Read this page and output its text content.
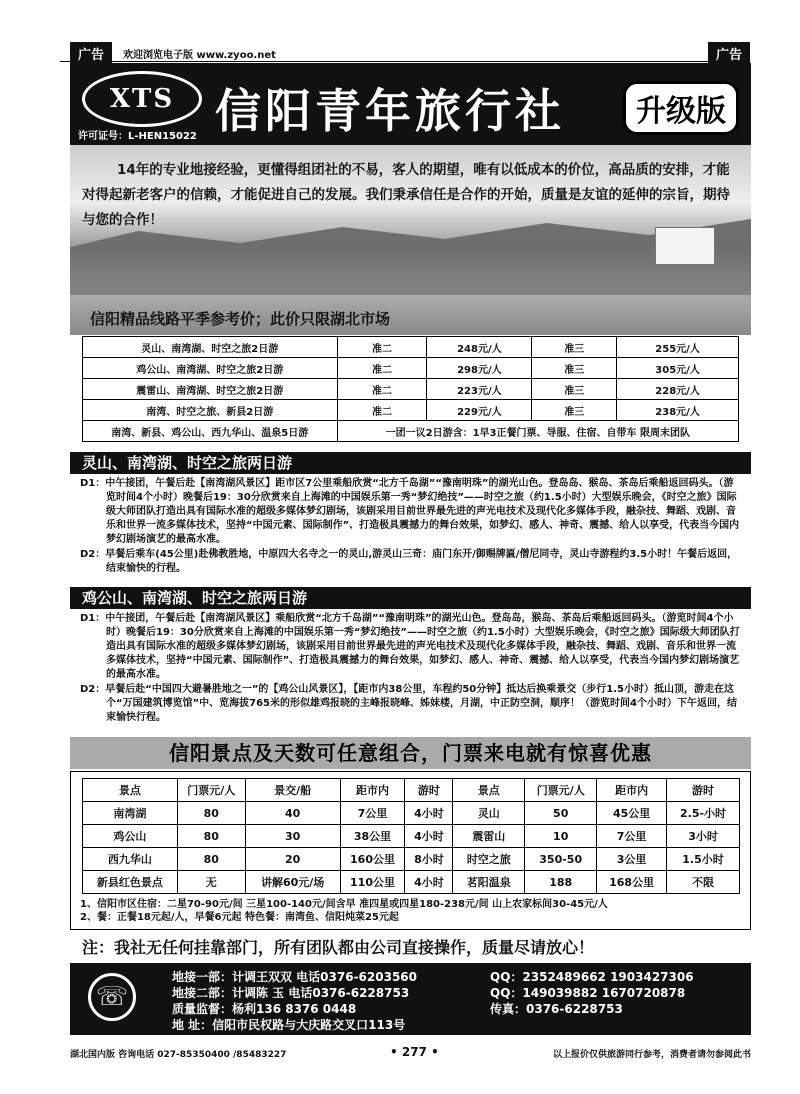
广告	广告
欢迎浏览电子版 www.zyoo.net
XTS 信阳青年旅行社	升级版
许可证号：L-HEN15022
14年的专业地接经验，更懂得组团社的不易，客人的期望，唯有以低成本的价位，高品质的安排，才能对得起新老客户的信赖，才能促进自己的发展。我们秉承信任是合作的开始，质量是友谊的延伸的宗旨，期待与您的合作！
信阳精品线路平季参考价；此价只限湖北市场
灵山、南湾湖、时空之旅2日游	准二	248元/人	准三	255元/人
鸡公山、南湾湖、时空之旅2日游	准二	298元/人	准三	305元/人
震雷山、南湾湖、时空之旅2日游	准二	223元/人	准三	228元/人
南湾、时空之旅、新县2日游	准二	229元/人	准三	238元/人
南湾、新县、鸡公山、西九华山、温泉5日游	一团一议2日游含：1早3正餐门票、导服、住宿、自带车 限周末团队			
灵山、南湾湖、时空之旅两日游

D1：中午接团，午餐后赴【南湾湖风景区】距市区7公里乘船欣赏“北方千岛湖”“豫南明珠”的湖光山色。登岛岛、猴岛、茶岛后乘船返回码头。（游览时间4个小时）晚餐后19：30分欣赏来自上海滩的中国娱乐第一秀“梦幻绝技”——时空之旅（约1.5小时）大型娱乐晚会，《时空之旅》国际级大师团队打造出具有国际水准的超级多媒体梦幻剧场，该剧采用目前世界最先进的声光电技术及现代化多媒体手段，融杂技、舞蹈、戏剧、音乐和世界一流多媒体技术，坚持“中国元素、国际制作”、打造极具震撼力的舞台效果，如梦幻、感人、神奇、震撼、给人以享受，代表当今国内梦幻剧场演艺的最高水准。

D2：早餐后乘车(45公里)赴佛教胜地，中原四大名寺之一的灵山,游灵山三奇：庙门东开/御赐牌匾/僧尼同寺，灵山寺游程约3.5小时！午餐后返回，结束愉快的行程。

鸡公山、南湾湖、时空之旅两日游

D1：中午接团，午餐后赴【南湾湖风景区】乘船欣赏“北方千岛湖”“豫南明珠”的湖光山色。登岛岛，猴岛、茶岛后乘船返回码头。（游览时间4个小时）晚餐后19：30分欣赏来自上海滩的中国娱乐第一秀“梦幻绝技”——时空之旅（约1.5小时）大型娱乐晚会，《时空之旅》国际级大师团队打造出具有国际水准的超级多媒体梦幻剧场，该剧采用目前世界最先进的声光电技术及现代化多媒体手段，融杂技、舞蹈、戏剧、音乐和世界一流多媒体技术，坚持“中国元素、国际制作”、打造极具震撼力的舞台效果，如梦幻、感人、神奇、震撼、给人以享受，代表当今国内梦幻剧场演艺的最高水准。

D2：早餐后赴“中国四大避暑胜地之一”的【鸡公山风景区】，【距市内38公里，车程约50分钟】抵达后换乘景交（步行1.5小时）抵山顶，游走在这个“万国建筑博览馆”中、览海拔765米的形似雄鸡报晓的主峰报晓峰、姊妹楼，月湖，中正防空洞，顺序！（游览时间4个小时）下午返回，结束愉快行程。

信阳景点及天数可任意组合，门票来电就有惊喜优惠
景点	门票元/人	景交/船	距市内	游时	景点	门票元/人	距市内	游时
南湾湖	80	40	7公里	4小时	灵山	50	45公里	2.5-小时
鸡公山	80	30	38公里	4小时	震雷山	10	7公里	3小时
西九华山	80	20	160公里	8小时	时空之旅	350-50	3公里	1.5小时
新县红色景点	无	讲解60元/场	110公里	4小时	茗阳温泉	188	168公里	不限
1、信阳市区住宿：二星70-90元/间 三星100-140元/间含早 准四星或四星180-238元/间 山上农家标间30-45元/人
2、餐：正餐18元起/人，早餐6元起 特色餐：南湾鱼、信阳炖菜25元起
注：我社无任何挂靠部门，所有团队都由公司直接操作，质量尽请放心！
☏
地接一部：计调王双双 电话0376-6203560	QQ：2352489662 1903427306
地接二部：计调陈 玉 电话0376-6228753	QQ：149039882 1670720878
质量监督：杨利136 8376 0448	传真：0376-6228753
地 址：信阳市民权路与大庆路交叉口113号
湖北国内版 咨询电话 027-85350400 /85483227	• 277 •	以上报价仅供旅游同行参考，消费者请勿参阅此书
